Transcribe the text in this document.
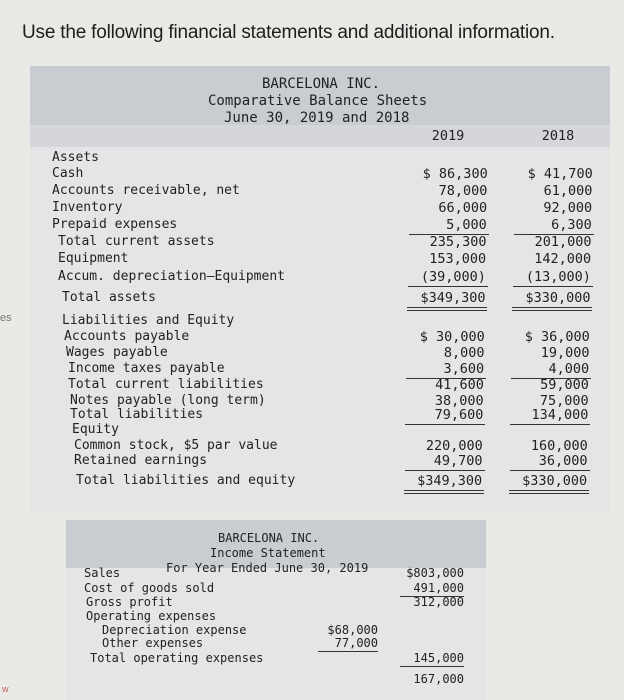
Use the following financial statements and additional information.
BARCELONA INC.
Comparative Balance Sheets
June 30, 2019 and 2018
2019	2018
Assets
Cash	$ 86,300	$ 41,700
Accounts receivable, net	78,000	61,000
Inventory	66,000	92,000
Prepaid expenses	5,000	6,300
Total current assets	235,300	201,000
Equipment	153,000	142,000
Accum. depreciation—Equipment	(39,000)	(13,000)
Total assets	$349,300	$330,000
Liabilities and Equity
Accounts payable	$ 30,000	$ 36,000
Wages payable	8,000	19,000
Income taxes payable	3,600	4,000
Total current liabilities	41,600	59,000
Notes payable (long term)	38,000	75,000
Total liabilities	79,600	134,000
Equity
Common stock, $5 par value	220,000	160,000
Retained earnings	49,700	36,000
Total liabilities and equity	$349,300	$330,000
BARCELONA INC.
Income Statement
For Year Ended June 30, 2019
Sales	$803,000
Cost of goods sold	491,000
Gross profit	312,000
Operating expenses
Depreciation expense	$68,000
Other expenses	77,000
Total operating expenses	145,000
167,000
es
w
